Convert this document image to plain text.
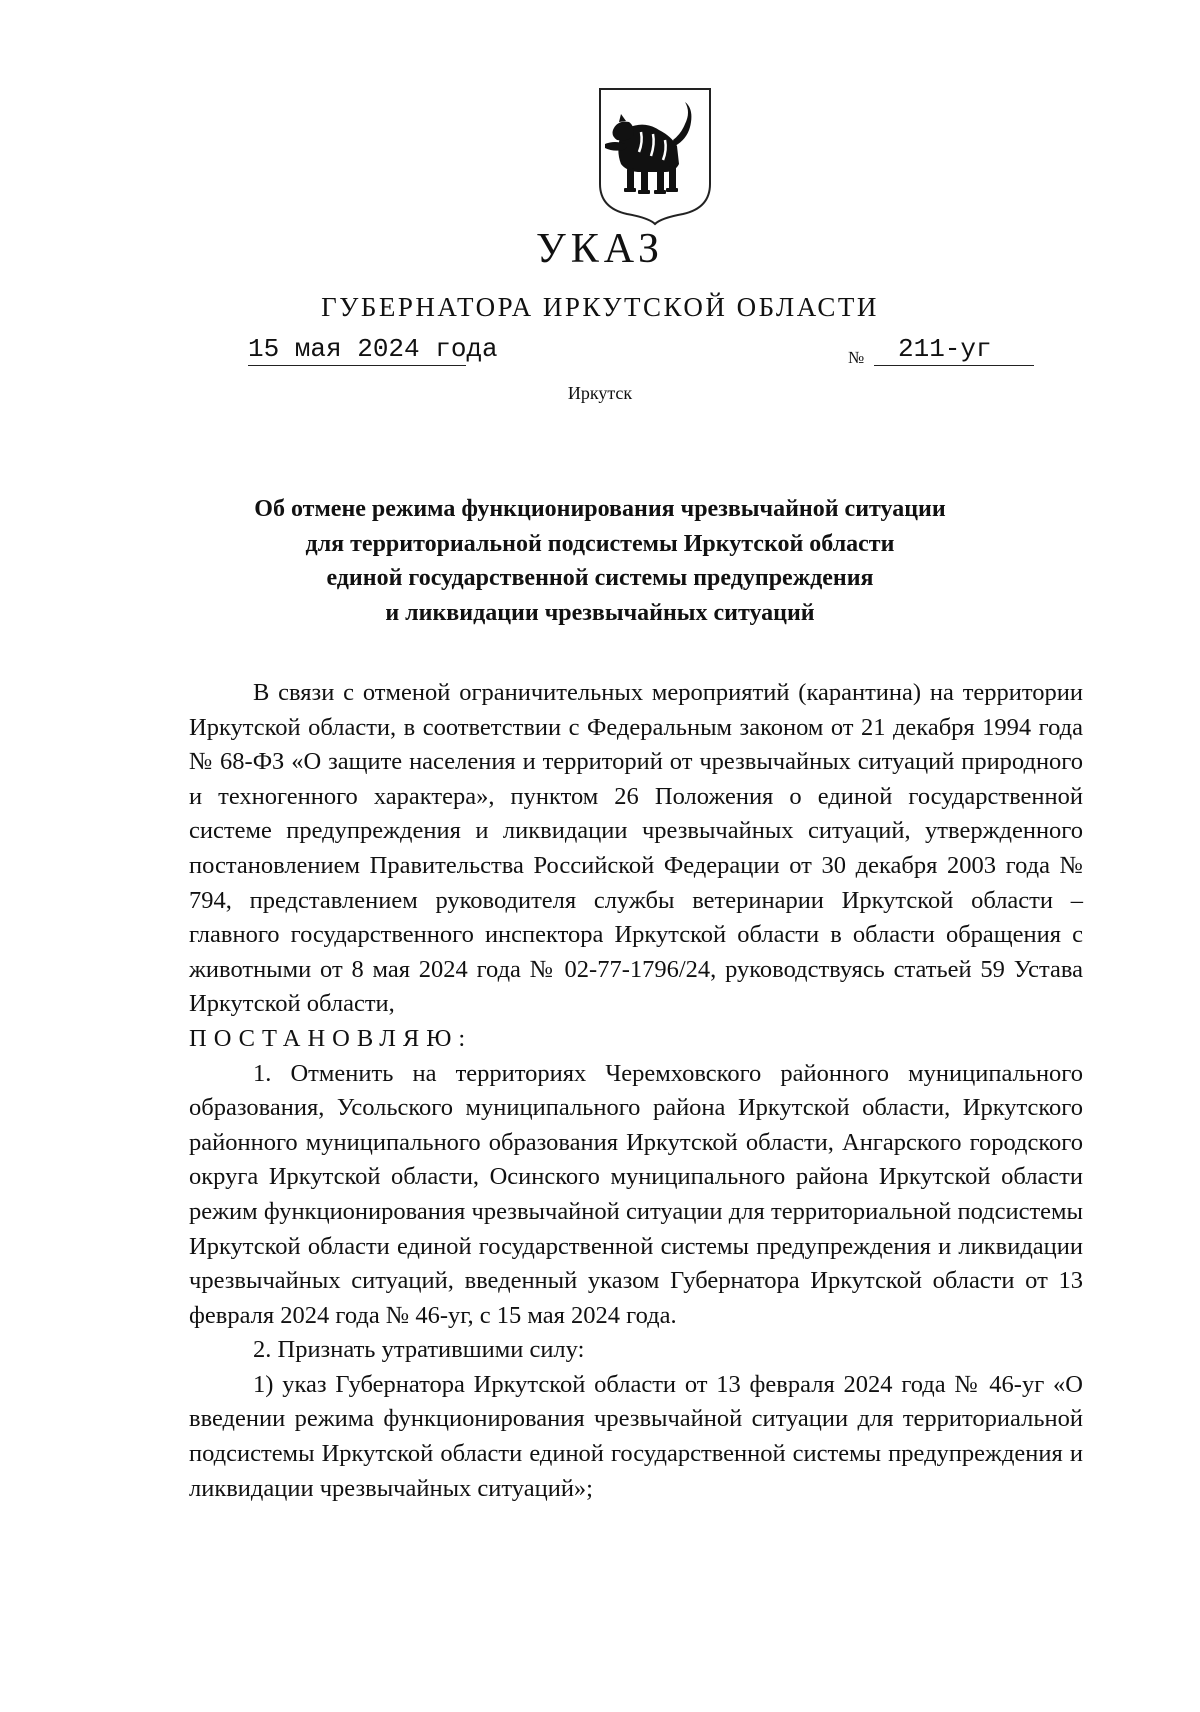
УКАЗ
ГУБЕРНАТОРА ИРКУТСКОЙ ОБЛАСТИ
15 мая 2024 года	№	211-уг
Иркутск
Об отмене режима функционирования чрезвычайной ситуации
для территориальной подсистемы Иркутской области
единой государственной системы предупреждения
и ликвидации чрезвычайных ситуаций

В связи с отменой ограничительных мероприятий (карантина) на территории Иркутской области, в соответствии с Федеральным законом от 21 декабря 1994 года № 68-ФЗ «О защите населения и территорий от чрезвычайных ситуаций природного и техногенного характера», пунктом 26 Положения о единой государственной системе предупреждения и ликвидации чрезвычайных ситуаций, утвержденного постановлением Правительства Российской Федерации от 30 декабря 2003 года № 794, представлением руководителя службы ветеринарии Иркутской области – главного государственного инспектора Иркутской области в области обращения с животными от 8 мая 2024 года № 02-77-1796/24, руководствуясь статьей 59 Устава Иркутской области,

ПОСТАНОВЛЯЮ:

1. Отменить на территориях Черемховского районного муниципального образования, Усольского муниципального района Иркутской области, Иркутского районного муниципального образования Иркутской области, Ангарского городского округа Иркутской области, Осинского муниципального района Иркутской области режим функционирования чрезвычайной ситуации для территориальной подсистемы Иркутской области единой государственной системы предупреждения и ликвидации чрезвычайных ситуаций, введенный указом Губернатора Иркутской области от 13 февраля 2024 года № 46-уг, с 15 мая 2024 года.

2. Признать утратившими силу:

1) указ Губернатора Иркутской области от 13 февраля 2024 года № 46-уг «О введении режима функционирования чрезвычайной ситуации для территориальной подсистемы Иркутской области единой государственной системы предупреждения и ликвидации чрезвычайных ситуаций»;
